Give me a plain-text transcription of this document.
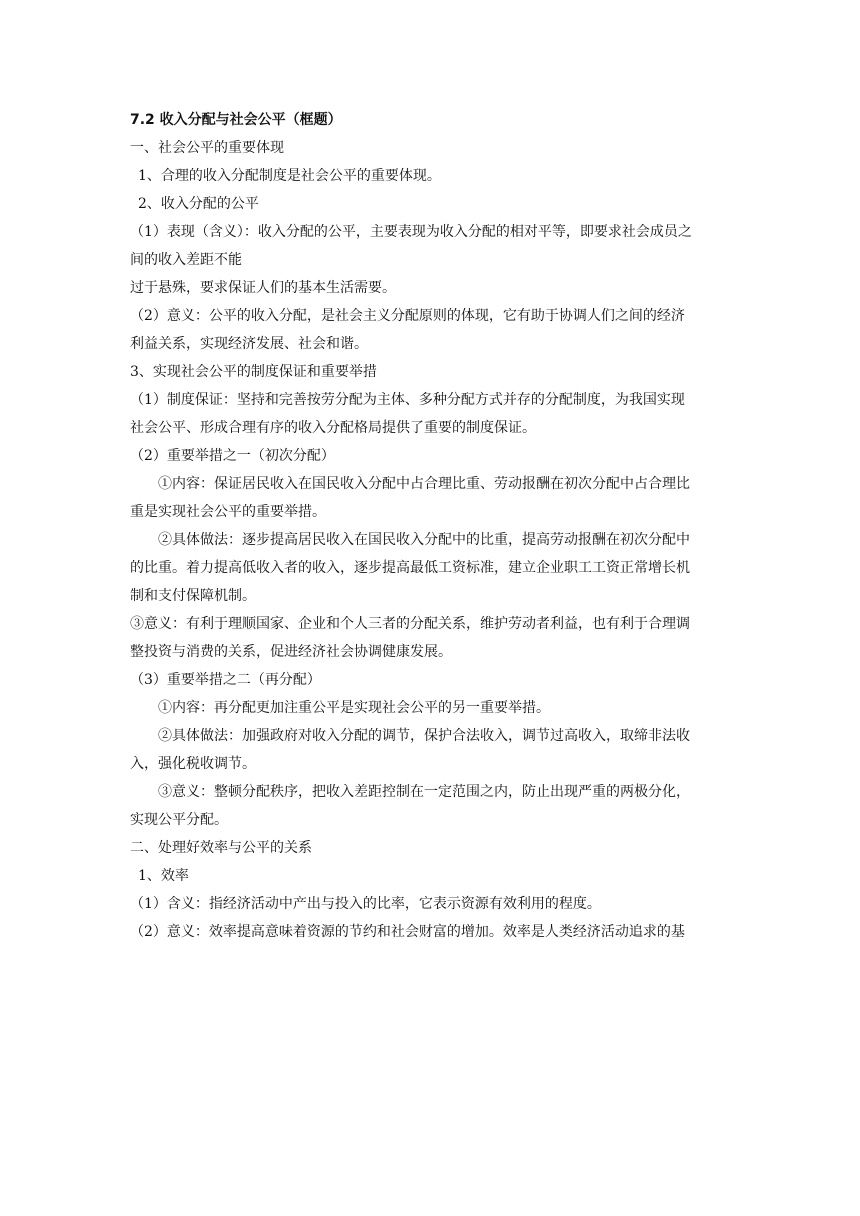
7.2 收入分配与社会公平（框题）

一、社会公平的重要体现

1、合理的收入分配制度是社会公平的重要体现。

2、收入分配的公平

（1）表现（含义）：收入分配的公平，主要表现为收入分配的相对平等，即要求社会成员之

间的收入差距不能

过于悬殊，要求保证人们的基本生活需要。

（2）意义：公平的收入分配，是社会主义分配原则的体现，它有助于协调人们之间的经济

利益关系，实现经济发展、社会和谐。

3、实现社会公平的制度保证和重要举措

（1）制度保证：坚持和完善按劳分配为主体、多种分配方式并存的分配制度，为我国实现

社会公平、形成合理有序的收入分配格局提供了重要的制度保证。

（2）重要举措之一（初次分配）

①内容：保证居民收入在国民收入分配中占合理比重、劳动报酬在初次分配中占合理比

重是实现社会公平的重要举措。

②具体做法：逐步提高居民收入在国民收入分配中的比重，提高劳动报酬在初次分配中

的比重。着力提高低收入者的收入，逐步提高最低工资标准，建立企业职工工资正常增长机

制和支付保障机制。

③意义：有利于理顺国家、企业和个人三者的分配关系，维护劳动者利益，也有利于合理调

整投资与消费的关系，促进经济社会协调健康发展。

（3）重要举措之二（再分配）

①内容：再分配更加注重公平是实现社会公平的另一重要举措。

②具体做法：加强政府对收入分配的调节，保护合法收入，调节过高收入，取缔非法收

入，强化税收调节。

③意义：整顿分配秩序，把收入差距控制在一定范围之内，防止出现严重的两极分化，

实现公平分配。

二、处理好效率与公平的关系

1、效率

（1）含义：指经济活动中产出与投入的比率，它表示资源有效利用的程度。

（2）意义：效率提高意味着资源的节约和社会财富的增加。效率是人类经济活动追求的基
